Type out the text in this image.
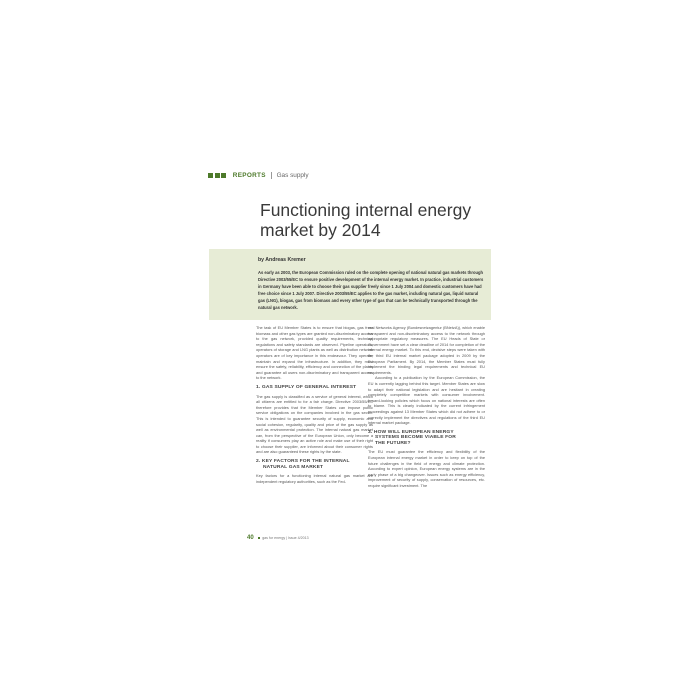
REPORTS Gas supply
Functioning internal energy
market by 2014
by Andreas Kremer
As early as 2003, the European Commission ruled on the complete opening of national natural gas markets through Directive 2003/55/EC to ensure positive development of the internal energy market. In practice, industrial customers in Germany have been able to choose their gas supplier freely since 1 July 2004 and domestic customers have had free choice since 1 July 2007. Directive 2003/55/EC applies to the gas market, including natural gas, liquid natural gas (LNG), biogas, gas from biomass and every other type of gas that can be technically transported through the natural gas network.

The task of EU Member States is to ensure that biogas, gas from biomass and other gas types are granted non-discriminatory access to the gas network, provided quality requirements, technical regulations and safety standards are observed. Pipeline operators, operators of storage and LNG plants as well as distribution network operators are of key importance in this endeavour. They operate, maintain and expand the infrastructure. In addition, they must ensure the safety, reliability, efficiency and connection of the plants and guarantee all users non-discriminatory and transparent access to the network.

1. GAS SUPPLY OF GENERAL INTEREST

The gas supply is classified as a service of general interest, which all citizens are entitled to for a fair charge. Directive 2003/55/EC therefore provides that the Member States can impose public service obligations on the companies involved in the gas sector. This is intended to guarantee security of supply, economic and social cohesion, regularity, quality and price of the gas supply as well as environmental protection. The internal natural gas market can, from the perspective of the European Union, only become a reality if consumers play an active role and make use of their right to choose their supplier, are informed about their consumer rights and are also guaranteed these rights by the state.

2. KEY FACTORS FOR THE INTERNAL
NATURAL GAS MARKET

Key factors for a functioning internal natural gas market are independent regulatory authorities, such as the Fed-

eral Networks Agency (Bundesnetzagentur (BNetzA)), which enable transparent and non-discriminatory access to the network through appropriate regulatory measures. The EU Heads of State or Government have set a clear deadline of 2014 for completion of the internal energy market. To this end, decisive steps were taken with the third EU internal market package adopted in 2009 by the European Parliament. By 2014, the Member States must fully implement the binding legal requirements and technical EU requirements.

According to a publication by the European Commission, the EU is currently lagging behind this target. Member States are slow to adapt their national legislation and are hesitant in creating completely competitive markets with consumer involvement. Inward-looking policies which focus on national interests are often to blame. This is clearly indicated by the current infringement proceedings against 13 Member States which did not adhere to or correctly implement the directives and regulations of the third EU internal market package.

3. HOW WILL EUROPEAN ENERGY
SYSTEMS BECOME VIABLE FOR
THE FUTURE?

The EU must guarantee the efficiency and flexibility of the European internal energy market in order to keep on top of the future challenges in the field of energy and climate protection. According to expert opinion, European energy systems are in the early phase of a big changeover. Issues such as energy efficiency, improvement of security of supply, conservation of resources, etc. require significant investment. The

40 gas for energy | Issue 4/2013
